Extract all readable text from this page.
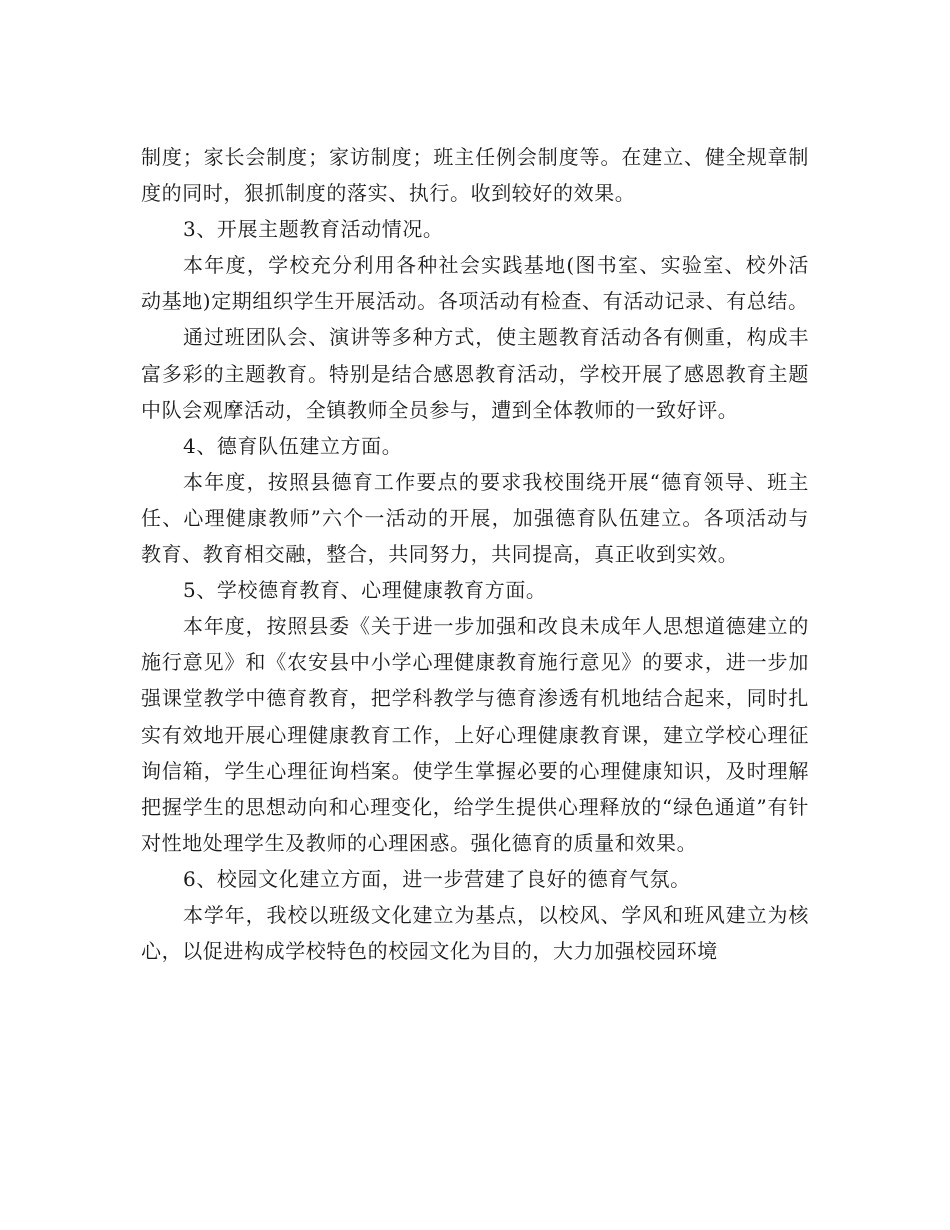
制度；家长会制度；家访制度；班主任例会制度等。在建立、健全规章制度的同时，狠抓制度的落实、执行。收到较好的效果。

3、开展主题教育活动情况。

本年度，学校充分利用各种社会实践基地(图书室、实验室、校外活动基地)定期组织学生开展活动。各项活动有检查、有活动记录、有总结。

通过班团队会、演讲等多种方式，使主题教育活动各有侧重，构成丰富多彩的主题教育。特别是结合感恩教育活动，学校开展了感恩教育主题中队会观摩活动，全镇教师全员参与，遭到全体教师的一致好评。

4、德育队伍建立方面。

本年度，按照县德育工作要点的要求我校围绕开展“德育领导、班主任、心理健康教师”六个一活动的开展，加强德育队伍建立。各项活动与教育、教育相交融，整合，共同努力，共同提高，真正收到实效。

5、学校德育教育、心理健康教育方面。

本年度，按照县委《关于进一步加强和改良未成年人思想道德建立的施行意见》和《农安县中小学心理健康教育施行意见》的要求，进一步加强课堂教学中德育教育，把学科教学与德育渗透有机地结合起来，同时扎实有效地开展心理健康教育工作，上好心理健康教育课，建立学校心理征询信箱，学生心理征询档案。使学生掌握必要的心理健康知识，及时理解把握学生的思想动向和心理变化，给学生提供心理释放的“绿色通道”有针对性地处理学生及教师的心理困惑。强化德育的质量和效果。

6、校园文化建立方面，进一步营建了良好的德育气氛。

本学年，我校以班级文化建立为基点，以校风、学风和班风建立为核心，以促进构成学校特色的校园文化为目的，大力加强校园环境
